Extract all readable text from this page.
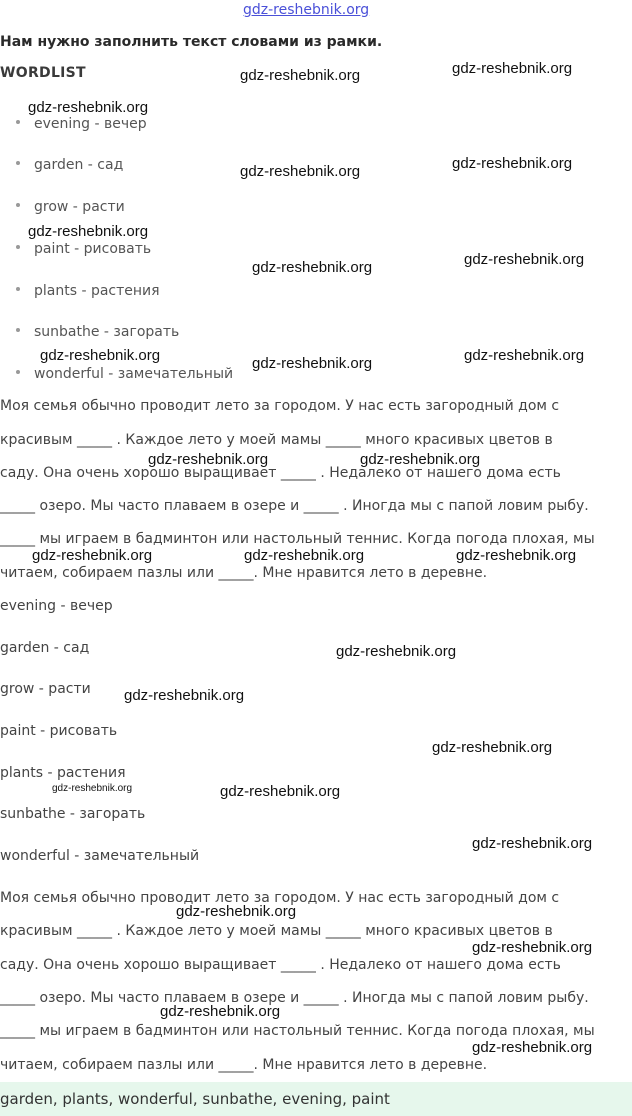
gdz-reshebnik.org
Нам нужно заполнить текст словами из рамки.
WORDLIST
evening - вечер
garden - сад
grow - расти
paint - рисовать
plants - растения
sunbathe - загорать
wonderful - замечательный
Моя семья обычно проводит лето за городом. У нас есть загородный дом с
красивым _____ . Каждое лето у моей мамы _____ много красивых цветов в
саду. Она очень хорошо выращивает _____ . Недалеко от нашего дома есть
_____ озеро. Мы часто плаваем в озере и _____ . Иногда мы с папой ловим рыбу.
_____ мы играем в бадминтон или настольный теннис. Когда погода плохая, мы
читаем, собираем пазлы или _____. Мне нравится лето в деревне.
evening - вечер
garden - сад
grow - расти
paint - рисовать
plants - растения
sunbathe - загорать
wonderful - замечательный
Моя семья обычно проводит лето за городом. У нас есть загородный дом с
красивым _____ . Каждое лето у моей мамы _____ много красивых цветов в
саду. Она очень хорошо выращивает _____ . Недалеко от нашего дома есть
_____ озеро. Мы часто плаваем в озере и _____ . Иногда мы с папой ловим рыбу.
_____ мы играем в бадминтон или настольный теннис. Когда погода плохая, мы
читаем, собираем пазлы или _____. Мне нравится лето в деревне.
garden, plants, wonderful, sunbathe, evening, paint
gdz-reshebnik.org	gdz-reshebnik.org
gdz-reshebnik.org
gdz-reshebnik.org	gdz-reshebnik.org
gdz-reshebnik.org
gdz-reshebnik.org	gdz-reshebnik.org
gdz-reshebnik.org	gdz-reshebnik.org	gdz-reshebnik.org
gdz-reshebnik.org	gdz-reshebnik.org
gdz-reshebnik.org	gdz-reshebnik.org	gdz-reshebnik.org
gdz-reshebnik.org
gdz-reshebnik.org
gdz-reshebnik.org
gdz-reshebnik.org	gdz-reshebnik.org
gdz-reshebnik.org
gdz-reshebnik.org
gdz-reshebnik.org
gdz-reshebnik.org
gdz-reshebnik.org
